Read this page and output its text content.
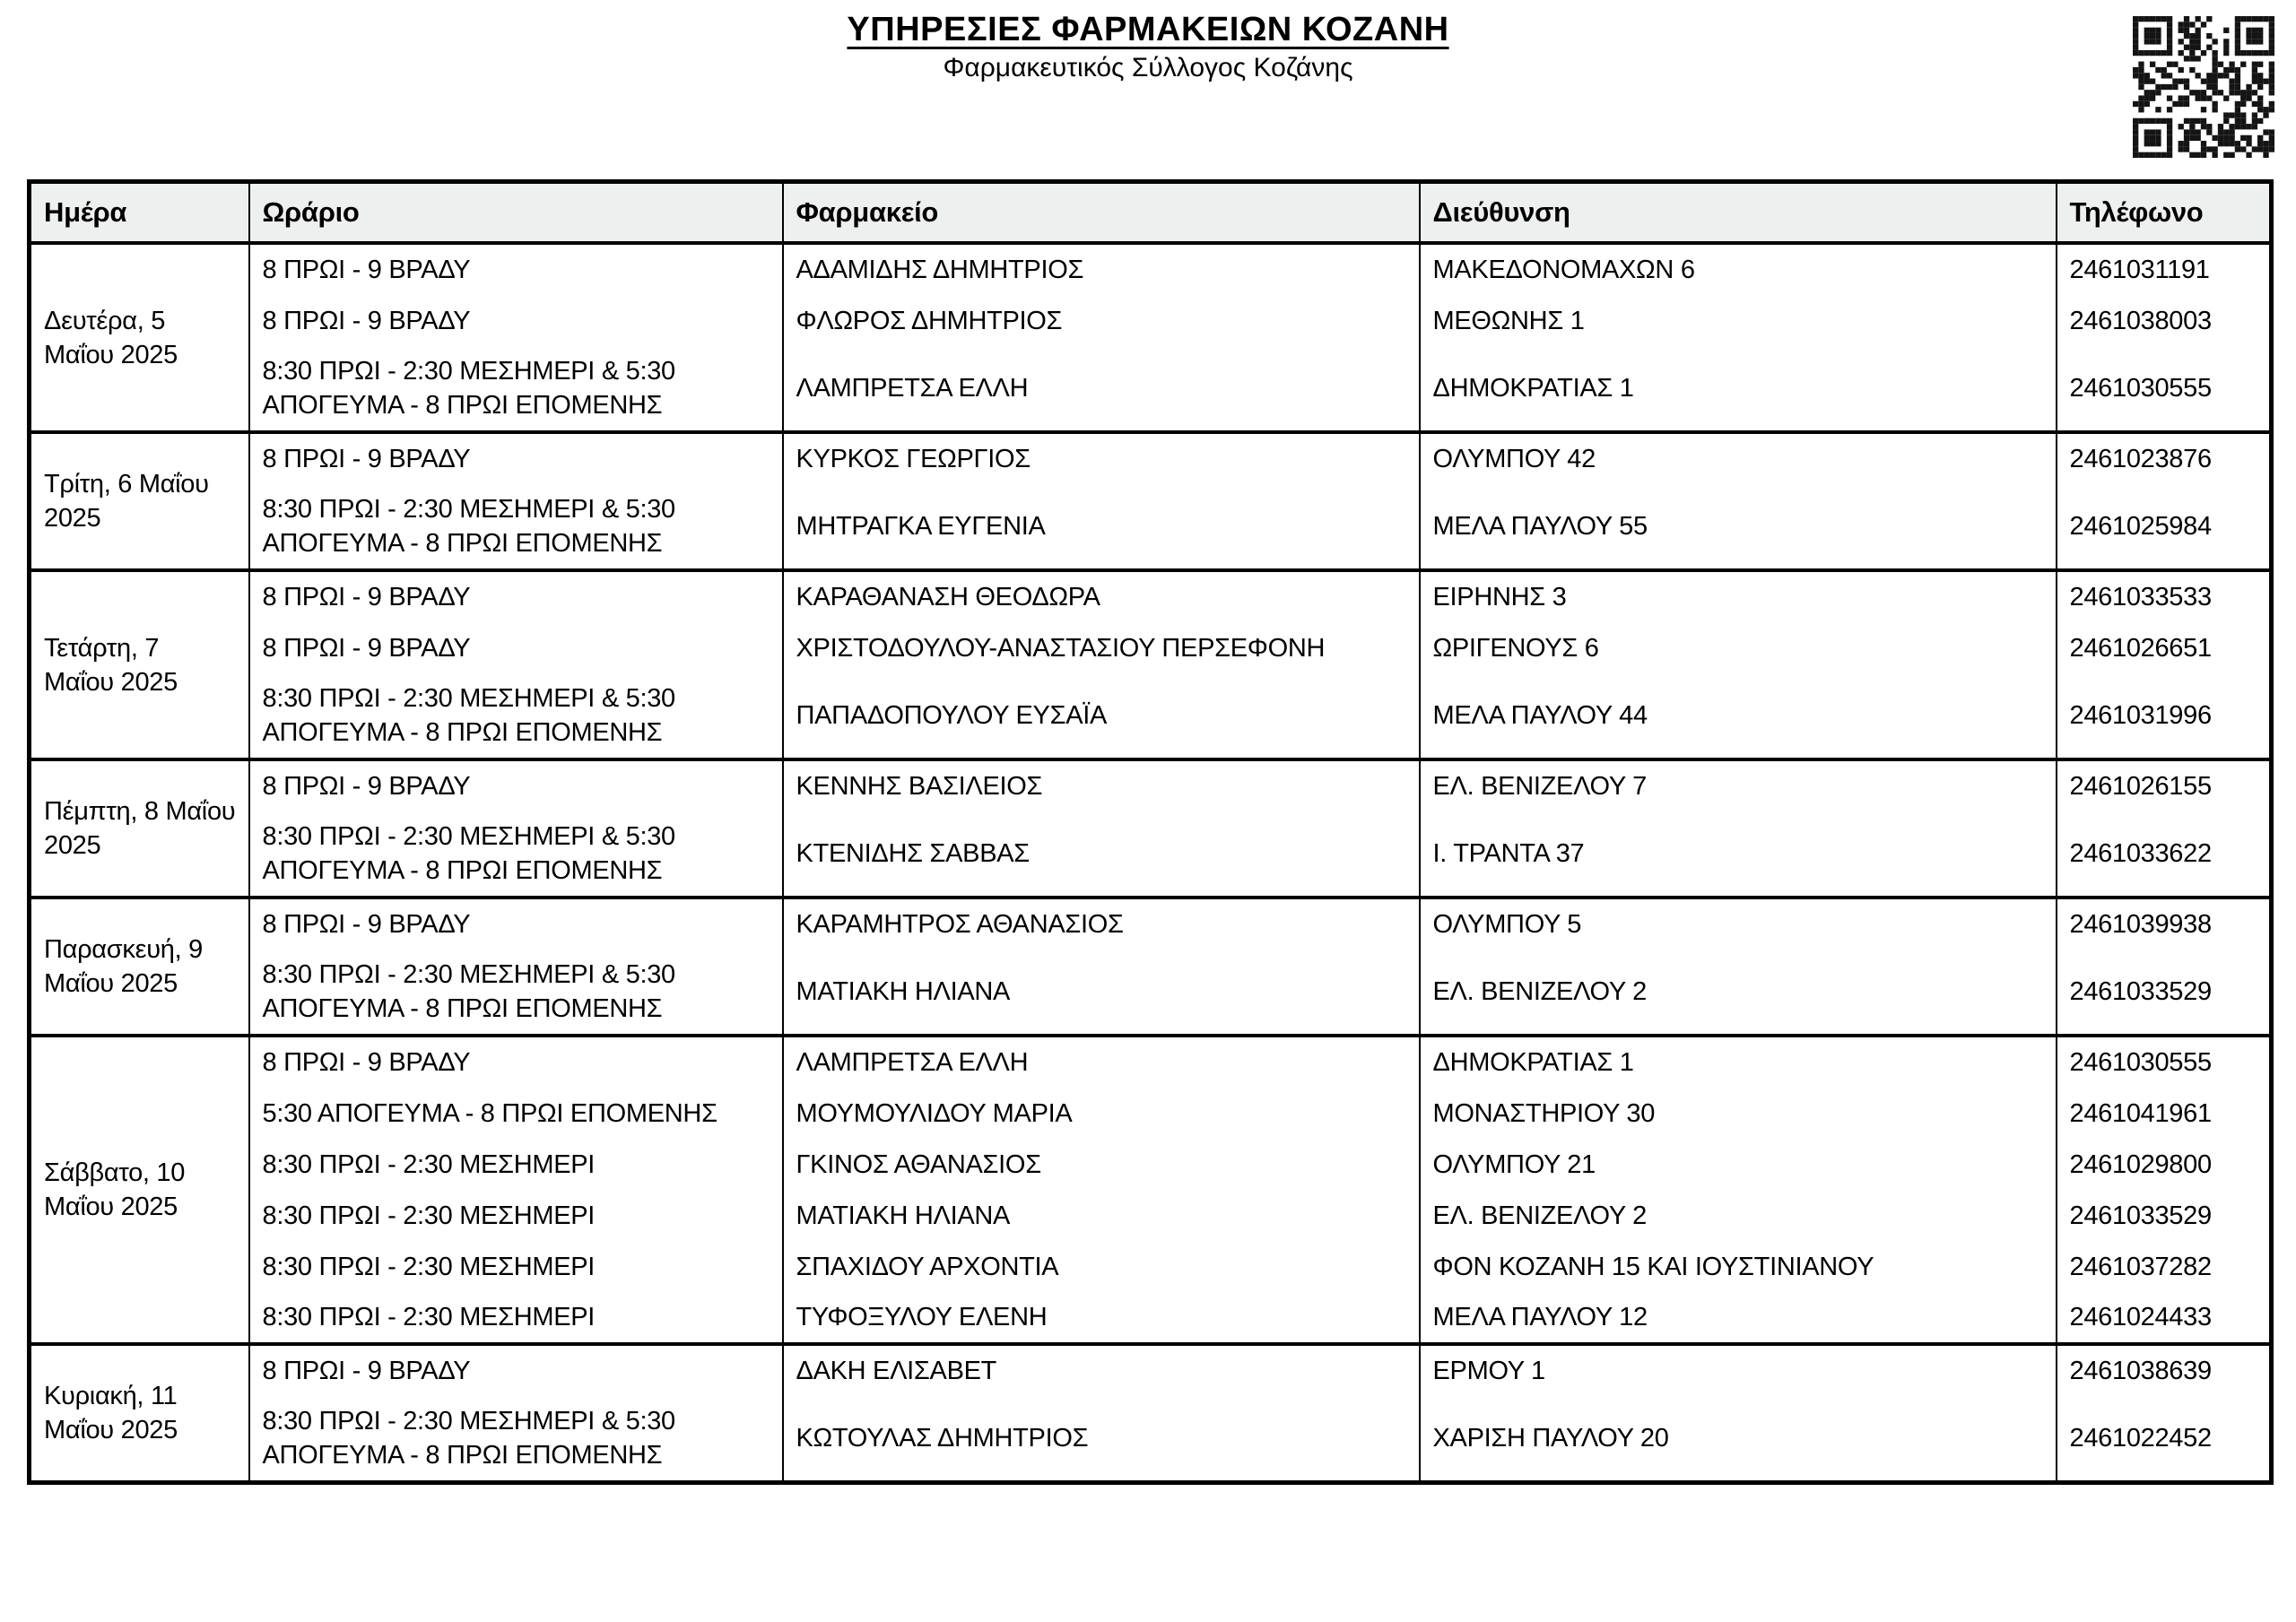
ΥΠΗΡΕΣΙΕΣ ΦΑΡΜΑΚΕΙΩΝ ΚΟΖΑΝΗ
Φαρμακευτικός Σύλλογος Κοζάνης
Ημέρα	Ωράριο	Φαρμακείο	Διεύθυνση	Τηλέφωνο
Δευτέρα, 5 Μαΐου 2025	8 ΠΡΩΙ - 9 ΒΡΑΔΥ	ΑΔΑΜΙΔΗΣ ΔΗΜΗΤΡΙΟΣ	ΜΑΚΕΔΟΝΟΜΑΧΩΝ 6	2461031191
	8 ΠΡΩΙ - 9 ΒΡΑΔΥ	ΦΛΩΡΟΣ ΔΗΜΗΤΡΙΟΣ	ΜΕΘΩΝΗΣ 1	2461038003
	8:30 ΠΡΩΙ - 2:30 ΜΕΣΗΜΕΡΙ & 5:30 ΑΠΟΓΕΥΜΑ - 8 ΠΡΩΙ ΕΠΟΜΕΝΗΣ	ΛΑΜΠΡΕΤΣΑ ΕΛΛΗ	ΔΗΜΟΚΡΑΤΙΑΣ 1	2461030555
Τρίτη, 6 Μαΐου 2025	8 ΠΡΩΙ - 9 ΒΡΑΔΥ	ΚΥΡΚΟΣ ΓΕΩΡΓΙΟΣ	ΟΛΥΜΠΟΥ 42	2461023876
	8:30 ΠΡΩΙ - 2:30 ΜΕΣΗΜΕΡΙ & 5:30 ΑΠΟΓΕΥΜΑ - 8 ΠΡΩΙ ΕΠΟΜΕΝΗΣ	ΜΗΤΡΑΓΚΑ ΕΥΓΕΝΙΑ	ΜΕΛΑ ΠΑΥΛΟΥ 55	2461025984
Τετάρτη, 7 Μαΐου 2025	8 ΠΡΩΙ - 9 ΒΡΑΔΥ	ΚΑΡΑΘΑΝΑΣΗ ΘΕΟΔΩΡΑ	ΕΙΡΗΝΗΣ 3	2461033533
	8 ΠΡΩΙ - 9 ΒΡΑΔΥ	ΧΡΙΣΤΟΔΟΥΛΟΥ-ΑΝΑΣΤΑΣΙΟΥ ΠΕΡΣΕΦΟΝΗ	ΩΡΙΓΕΝΟΥΣ 6	2461026651
	8:30 ΠΡΩΙ - 2:30 ΜΕΣΗΜΕΡΙ & 5:30 ΑΠΟΓΕΥΜΑ - 8 ΠΡΩΙ ΕΠΟΜΕΝΗΣ	ΠΑΠΑΔΟΠΟΥΛΟΥ ΕΥΣΑΪΑ	ΜΕΛΑ ΠΑΥΛΟΥ 44	2461031996
Πέμπτη, 8 Μαΐου 2025	8 ΠΡΩΙ - 9 ΒΡΑΔΥ	ΚΕΝΝΗΣ ΒΑΣΙΛΕΙΟΣ	ΕΛ. ΒΕΝΙΖΕΛΟΥ 7	2461026155
	8:30 ΠΡΩΙ - 2:30 ΜΕΣΗΜΕΡΙ & 5:30 ΑΠΟΓΕΥΜΑ - 8 ΠΡΩΙ ΕΠΟΜΕΝΗΣ	ΚΤΕΝΙΔΗΣ ΣΑΒΒΑΣ	Ι. ΤΡΑΝΤΑ 37	2461033622
Παρασκευή, 9 Μαΐου 2025	8 ΠΡΩΙ - 9 ΒΡΑΔΥ	ΚΑΡΑΜΗΤΡΟΣ ΑΘΑΝΑΣΙΟΣ	ΟΛΥΜΠΟΥ 5	2461039938
	8:30 ΠΡΩΙ - 2:30 ΜΕΣΗΜΕΡΙ & 5:30 ΑΠΟΓΕΥΜΑ - 8 ΠΡΩΙ ΕΠΟΜΕΝΗΣ	ΜΑΤΙΑΚΗ ΗΛΙΑΝΑ	ΕΛ. ΒΕΝΙΖΕΛΟΥ 2	2461033529
Σάββατο, 10 Μαΐου 2025	8 ΠΡΩΙ - 9 ΒΡΑΔΥ	ΛΑΜΠΡΕΤΣΑ ΕΛΛΗ	ΔΗΜΟΚΡΑΤΙΑΣ 1	2461030555
	5:30 ΑΠΟΓΕΥΜΑ - 8 ΠΡΩΙ ΕΠΟΜΕΝΗΣ	ΜΟΥΜΟΥΛΙΔΟΥ ΜΑΡΙΑ	ΜΟΝΑΣΤΗΡΙΟΥ 30	2461041961
	8:30 ΠΡΩΙ - 2:30 ΜΕΣΗΜΕΡΙ	ΓΚΙΝΟΣ ΑΘΑΝΑΣΙΟΣ	ΟΛΥΜΠΟΥ 21	2461029800
	8:30 ΠΡΩΙ - 2:30 ΜΕΣΗΜΕΡΙ	ΜΑΤΙΑΚΗ ΗΛΙΑΝΑ	ΕΛ. ΒΕΝΙΖΕΛΟΥ 2	2461033529
	8:30 ΠΡΩΙ - 2:30 ΜΕΣΗΜΕΡΙ	ΣΠΑΧΙΔΟΥ ΑΡΧΟΝΤΙΑ	ΦΟΝ ΚΟΖΑΝΗ 15 ΚΑΙ ΙΟΥΣΤΙΝΙΑΝΟΥ	2461037282
	8:30 ΠΡΩΙ - 2:30 ΜΕΣΗΜΕΡΙ	ΤΥΦΟΞΥΛΟΥ ΕΛΕΝΗ	ΜΕΛΑ ΠΑΥΛΟΥ 12	2461024433
Κυριακή, 11 Μαΐου 2025	8 ΠΡΩΙ - 9 ΒΡΑΔΥ	ΔΑΚΗ ΕΛΙΣΑΒΕΤ	ΕΡΜΟΥ 1	2461038639
	8:30 ΠΡΩΙ - 2:30 ΜΕΣΗΜΕΡΙ & 5:30 ΑΠΟΓΕΥΜΑ - 8 ΠΡΩΙ ΕΠΟΜΕΝΗΣ	ΚΩΤΟΥΛΑΣ ΔΗΜΗΤΡΙΟΣ	ΧΑΡΙΣΗ ΠΑΥΛΟΥ 20	2461022452
